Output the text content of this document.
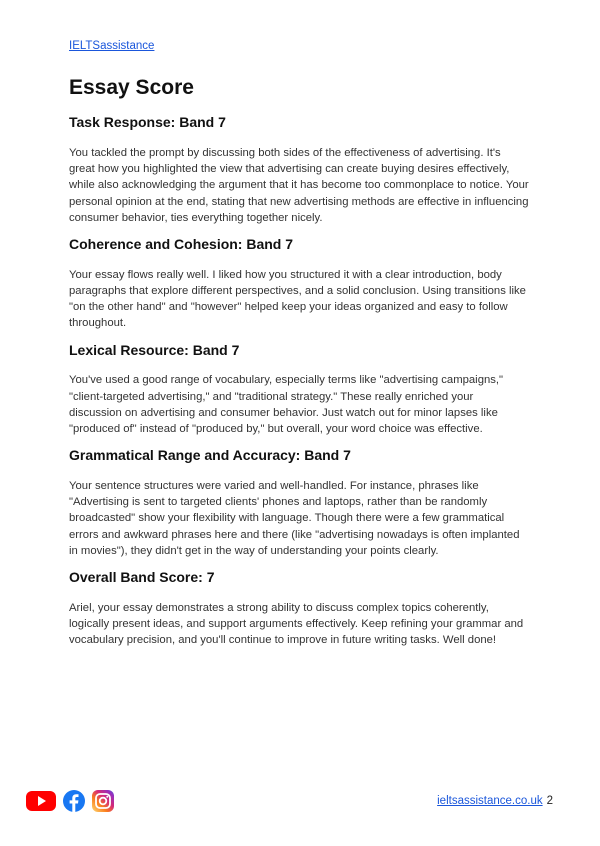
IELTSassistance
Essay Score
Task Response: Band 7

You tackled the prompt by discussing both sides of the effectiveness of advertising. It's great how you highlighted the view that advertising can create buying desires effectively, while also acknowledging the argument that it has become too commonplace to notice. Your personal opinion at the end, stating that new advertising methods are effective in influencing consumer behavior, ties everything together nicely.

Coherence and Cohesion: Band 7

Your essay flows really well. I liked how you structured it with a clear introduction, body paragraphs that explore different perspectives, and a solid conclusion. Using transitions like "on the other hand" and "however" helped keep your ideas organized and easy to follow throughout.

Lexical Resource: Band 7

You've used a good range of vocabulary, especially terms like "advertising campaigns," "client-targeted advertising," and "traditional strategy." These really enriched your discussion on advertising and consumer behavior. Just watch out for minor lapses like "produced of" instead of "produced by," but overall, your word choice was effective.

Grammatical Range and Accuracy: Band 7

Your sentence structures were varied and well-handled. For instance, phrases like "Advertising is sent to targeted clients' phones and laptops, rather than be randomly broadcasted" show your flexibility with language. Though there were a few grammatical errors and awkward phrases here and there (like "advertising nowadays is often implanted in movies"), they didn't get in the way of understanding your points clearly.

Overall Band Score: 7

Ariel, your essay demonstrates a strong ability to discuss complex topics coherently, logically present ideas, and support arguments effectively. Keep refining your grammar and vocabulary precision, and you'll continue to improve in future writing tasks. Well done!

ieltsassistance.co.uk 2
